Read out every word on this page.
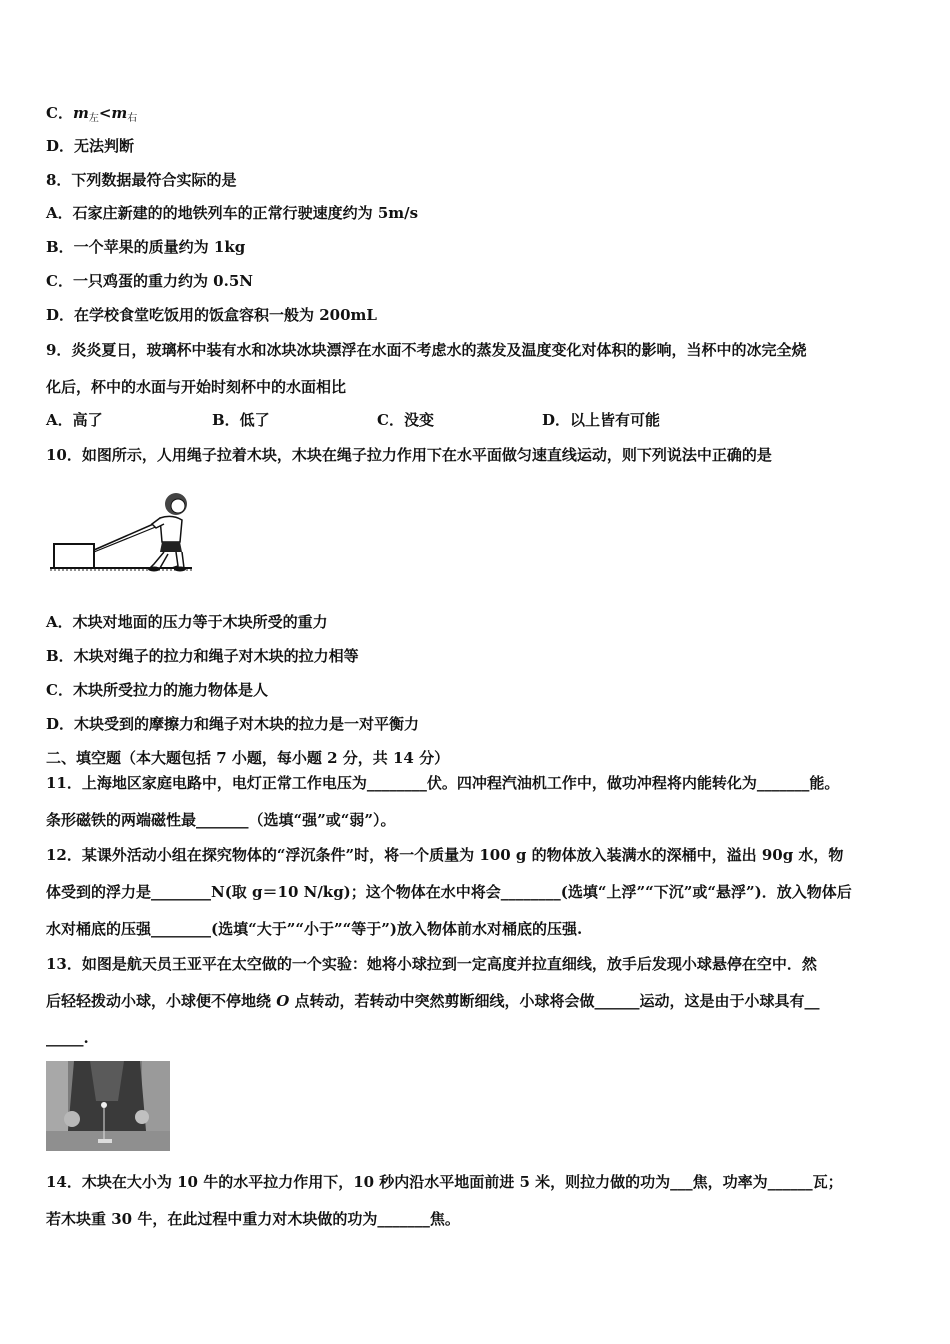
C．$m_左<m_右$
D．无法判断
8．下列数据最符合实际的是
A．石家庄新建的的地铁列车的正常行驶速度约为 5m/s
B．一个苹果的质量约为 1kg
C．一只鸡蛋的重力约为 0.5N
D．在学校食堂吃饭用的饭盒容积一般为 200mL
9．炎炎夏日，玻璃杯中装有水和冰块冰块漂浮在水面不考虑水的蒸发及温度变化对体积的影响，当杯中的冰完全烧
化后，杯中的水面与开始时刻杯中的水面相比
A．高了	B．低了	C．没变	D．以上皆有可能
10．如图所示，人用绳子拉着木块，木块在绳子拉力作用下在水平面做匀速直线运动，则下列说法中正确的是
A．木块对地面的压力等于木块所受的重力
B．木块对绳子的拉力和绳子对木块的拉力相等
C．木块所受拉力的施力物体是人
D．木块受到的摩擦力和绳子对木块的拉力是一对平衡力
二、填空题（本大题包括 7 小题，每小题 2 分，共 14 分）
11．上海地区家庭电路中，电灯正常工作电压为________伏。四冲程汽油机工作中，做功冲程将内能转化为_______能。
条形磁铁的两端磁性最_______（选填“强”或“弱”）。
12．某课外活动小组在探究物体的“浮沉条件”时，将一个质量为 100 g 的物体放入装满水的深桶中，溢出 90g 水，物
体受到的浮力是________N(取 g＝10 N/kg)；这个物体在水中将会________(选填“上浮”“下沉”或“悬浮”)．放入物体后
水对桶底的压强________(选填“大于”“小于”“等于”)放入物体前水对桶底的压强.
13．如图是航天员王亚平在太空做的一个实验：她将小球拉到一定高度并拉直细线，放手后发现小球悬停在空中．然
后轻轻拨动小球，小球便不停地绕 O 点转动，若转动中突然剪断细线，小球将会做______运动，这是由于小球具有__
_____.
14．木块在大小为 10 牛的水平拉力作用下，10 秒内沿水平地面前进 5 米，则拉力做的功为___焦，功率为______瓦；
若木块重 30 牛，在此过程中重力对木块做的功为_______焦。
